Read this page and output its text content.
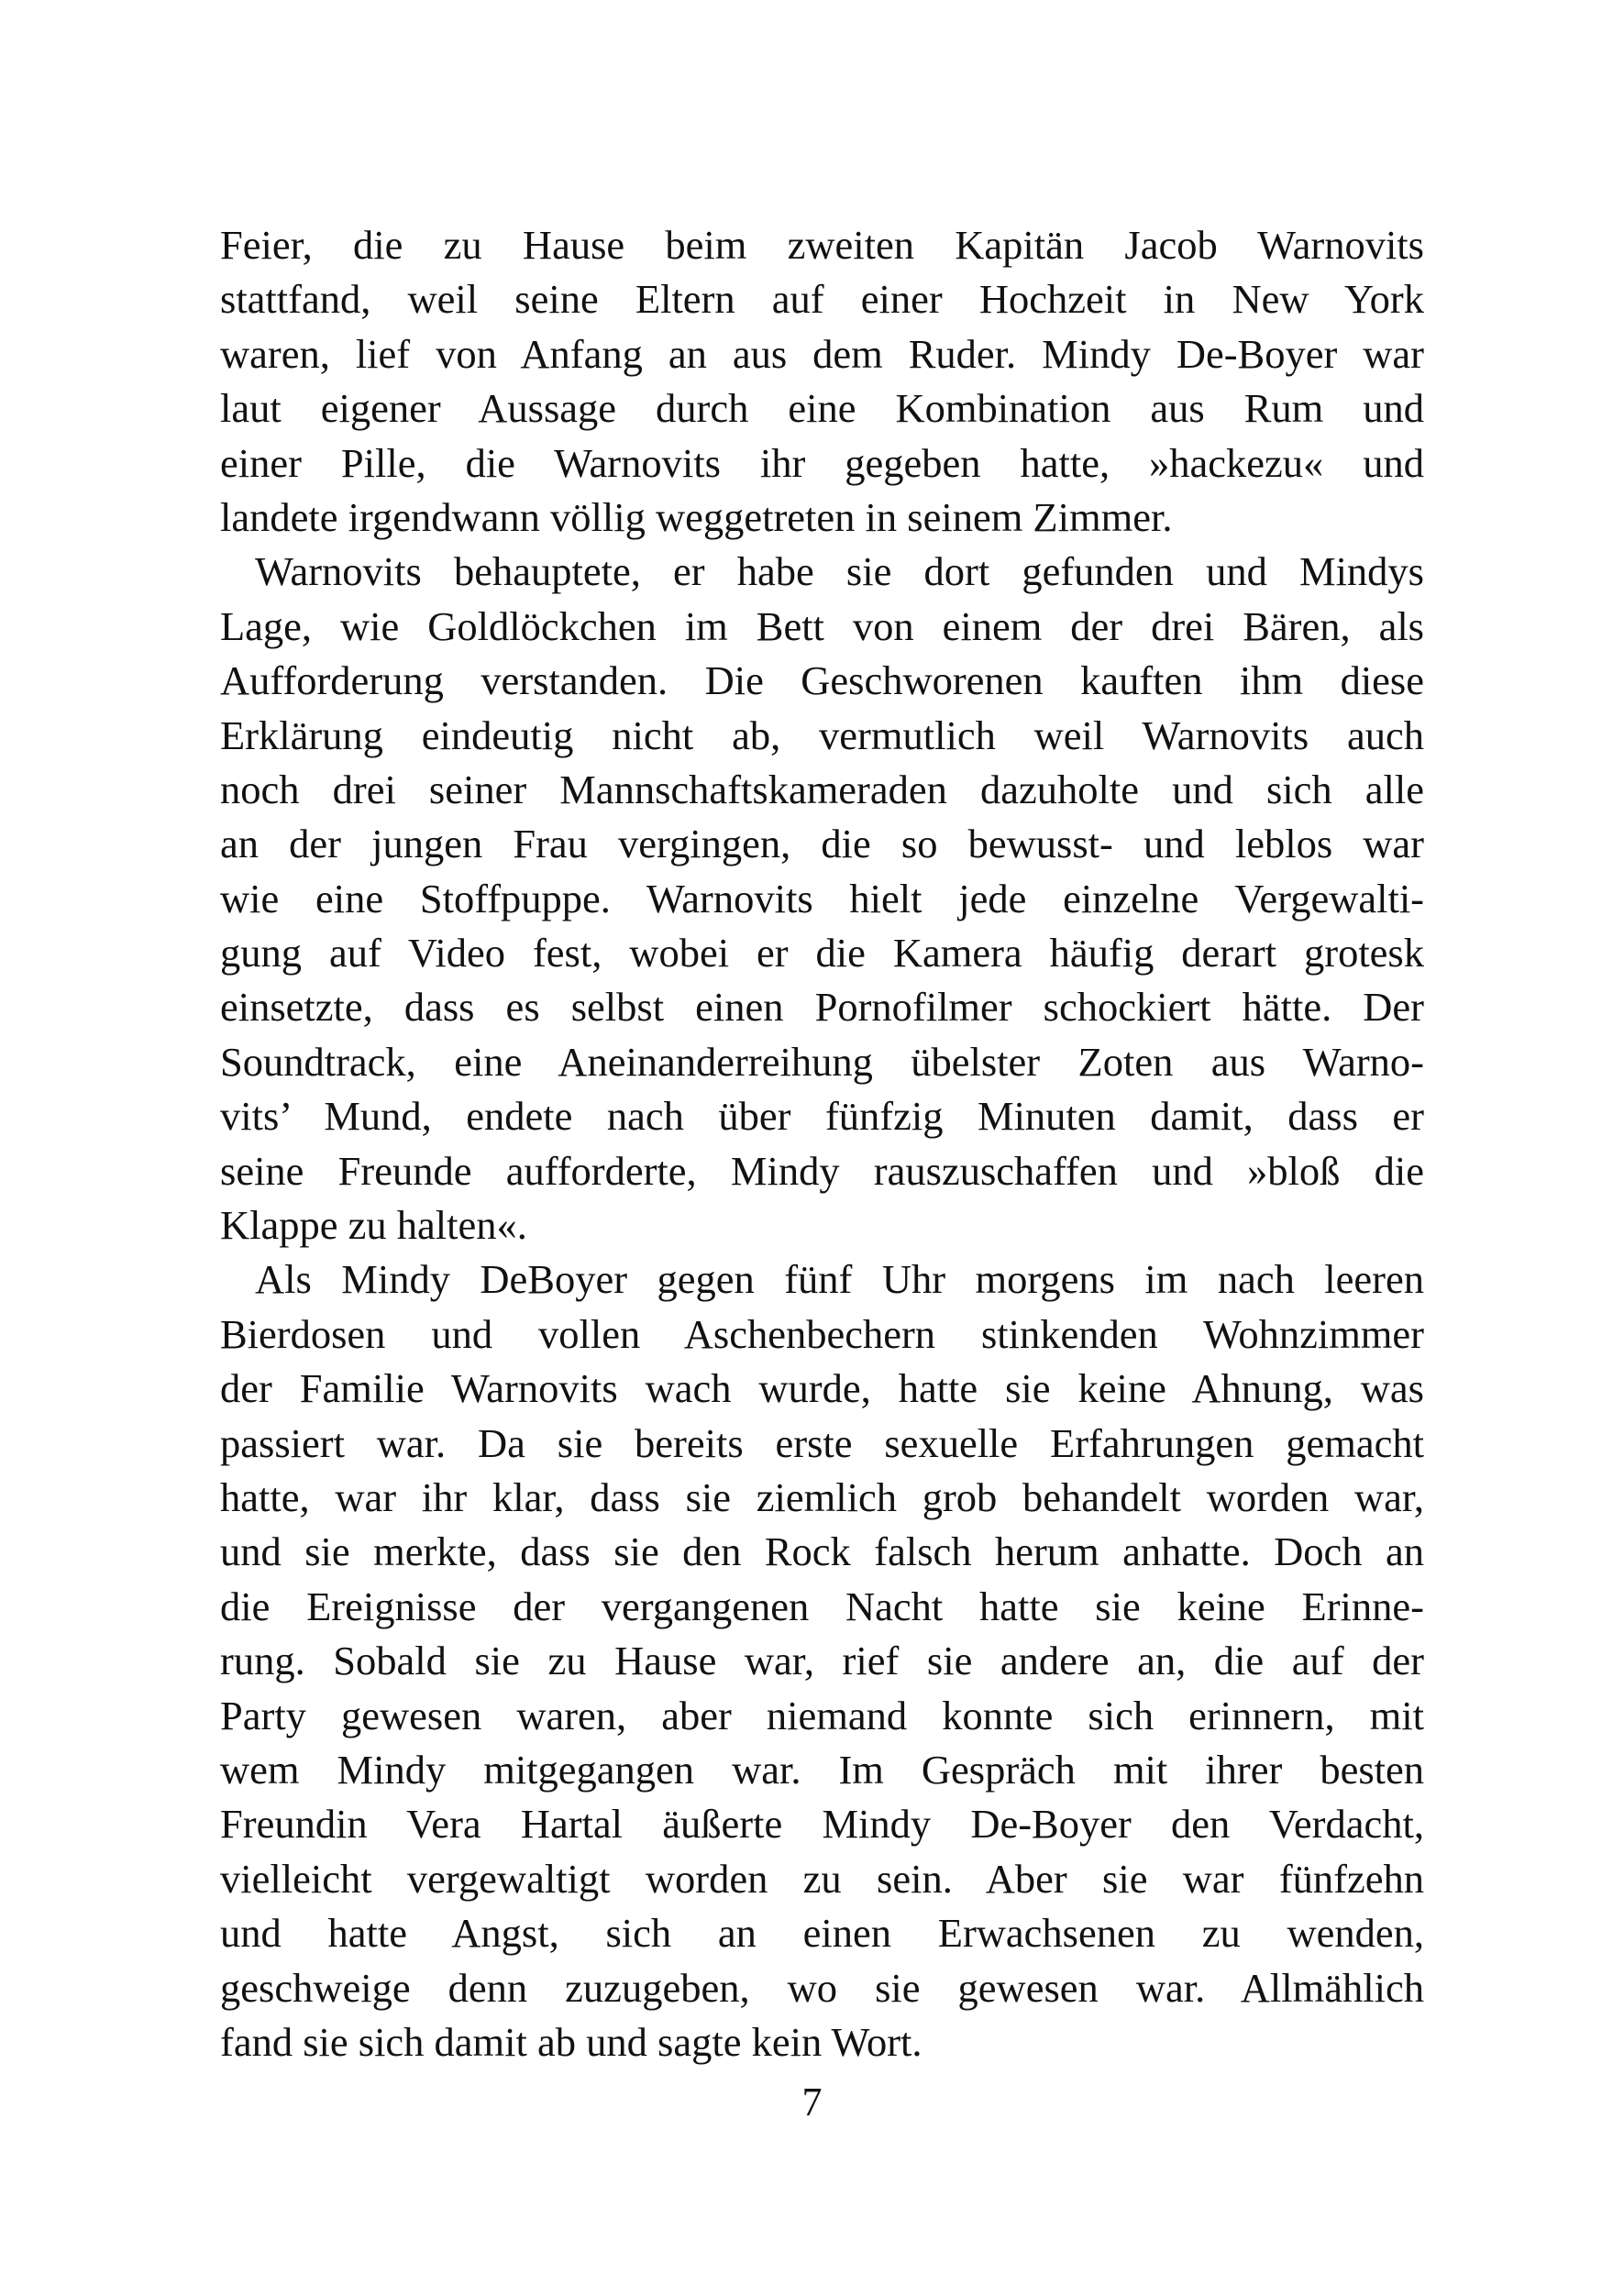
Feier, die zu Hause beim zweiten Kapitän Jacob Warnovits
stattfand, weil seine Eltern auf einer Hochzeit in New York
waren, lief von Anfang an aus dem Ruder. Mindy De-Boyer war
laut eigener Aussage durch eine Kombination aus Rum und
einer Pille, die Warnovits ihr gegeben hatte, »hackezu« und
landete irgendwann völlig weggetreten in seinem Zimmer.
Warnovits behauptete, er habe sie dort gefunden und Mindys
Lage, wie Goldlöckchen im Bett von einem der drei Bären, als
Aufforderung verstanden. Die Geschworenen kauften ihm diese
Erklärung eindeutig nicht ab, vermutlich weil Warnovits auch
noch drei seiner Mannschaftskameraden dazuholte und sich alle
an der jungen Frau vergingen, die so bewusst- und leblos war
wie eine Stoffpuppe. Warnovits hielt jede einzelne Vergewalti-
gung auf Video fest, wobei er die Kamera häufig derart grotesk
einsetzte, dass es selbst einen Pornofilmer schockiert hätte. Der
Soundtrack, eine Aneinanderreihung übelster Zoten aus Warno-
vits’ Mund, endete nach über fünfzig Minuten damit, dass er
seine Freunde aufforderte, Mindy rauszuschaffen und »bloß die
Klappe zu halten«.
Als Mindy DeBoyer gegen fünf Uhr morgens im nach leeren
Bierdosen und vollen Aschenbechern stinkenden Wohnzimmer
der Familie Warnovits wach wurde, hatte sie keine Ahnung, was
passiert war. Da sie bereits erste sexuelle Erfahrungen gemacht
hatte, war ihr klar, dass sie ziemlich grob behandelt worden war,
und sie merkte, dass sie den Rock falsch herum anhatte. Doch an
die Ereignisse der vergangenen Nacht hatte sie keine Erinne-
rung. Sobald sie zu Hause war, rief sie andere an, die auf der
Party gewesen waren, aber niemand konnte sich erinnern, mit
wem Mindy mitgegangen war. Im Gespräch mit ihrer besten
Freundin Vera Hartal äußerte Mindy De-Boyer den Verdacht,
vielleicht vergewaltigt worden zu sein. Aber sie war fünfzehn
und hatte Angst, sich an einen Erwachsenen zu wenden,
geschweige denn zuzugeben, wo sie gewesen war. Allmählich
fand sie sich damit ab und sagte kein Wort.
7
